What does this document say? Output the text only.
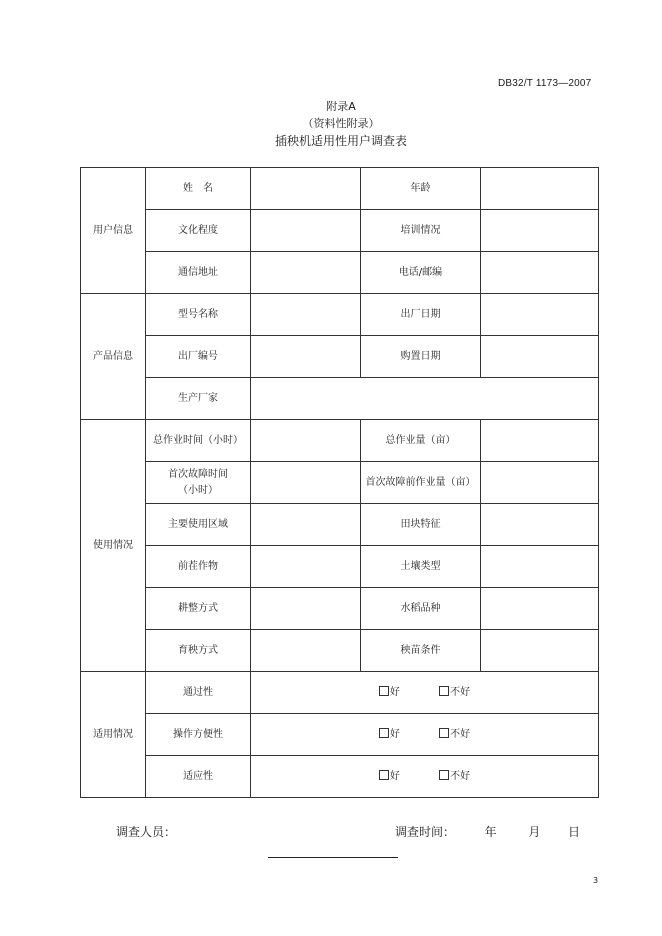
DB32/T 1173—2007
附录A
（资料性附录）
插秧机适用性用户调查表
用户信息	姓　名		年龄	
	文化程度		培训情况	
	通信地址		电话/邮编	
产品信息	型号名称		出厂日期	
	出厂编号		购置日期	
	生产厂家			
使用情况	总作业时间（小时）		总作业量（亩）	

	首次故障时间
（小时）		首次故障前作业量（亩）	
	主要使用区域		田块特征	
	前茬作物		土壤类型	
	耕整方式		水稻品种	
	育秧方式		秧苗条件	
适用情况	通过性	好 不好		
	操作方便性	好 不好		
	适应性	好 不好		
调查人员：	调查时间： 年	月 日
3
